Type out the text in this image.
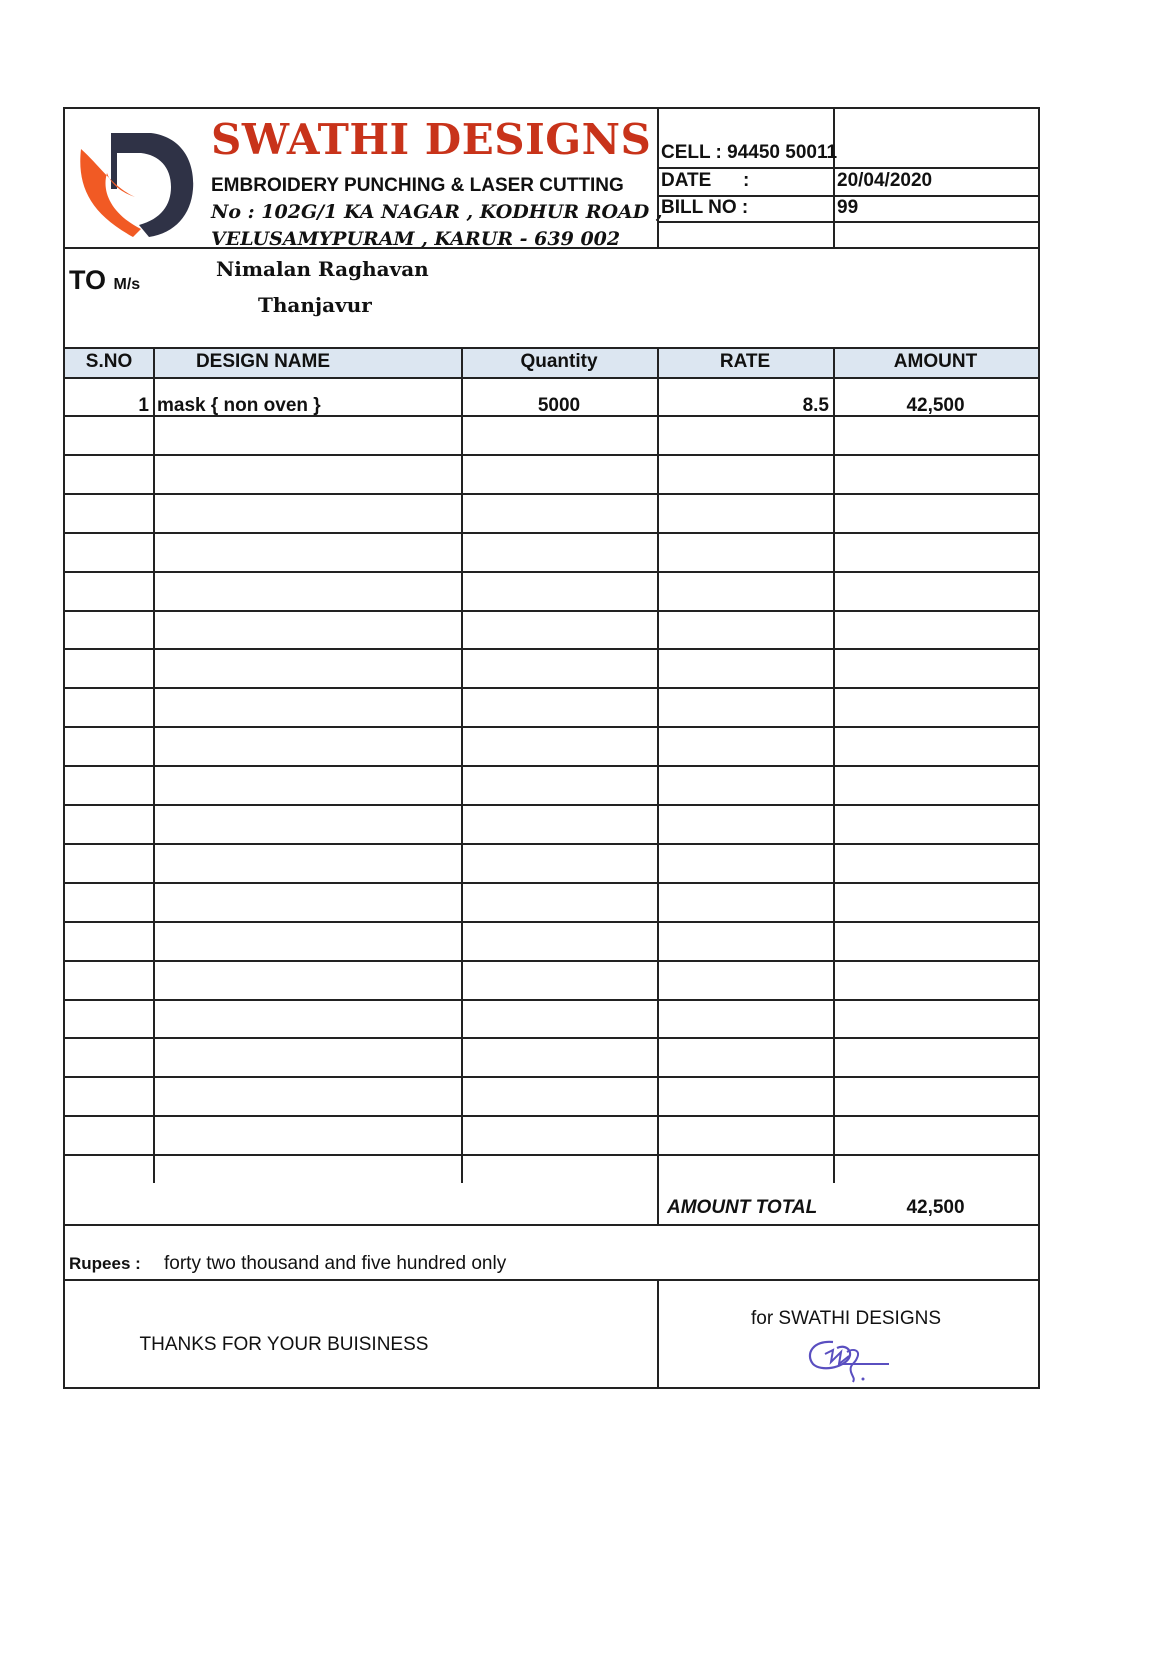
SWATHI DESIGNS
EMBROIDERY PUNCHING & LASER CUTTING
No : 102G/1 KA NAGAR , KODHUR ROAD ,
VELUSAMYPURAM , KARUR - 639 002
CELL : 94450 50011
DATE      :	20/04/2020
BILL NO :	99
TO M/s
Nimalan Raghavan
Thanjavur
S.NO	DESIGN NAME	Quantity	RATE	AMOUNT
1 mask { non oven }	5000	8.5	42,500
AMOUNT TOTAL	42,500
Rupees : forty two thousand and five hundred only
THANKS FOR YOUR BUISINESS
for SWATHI DESIGNS
